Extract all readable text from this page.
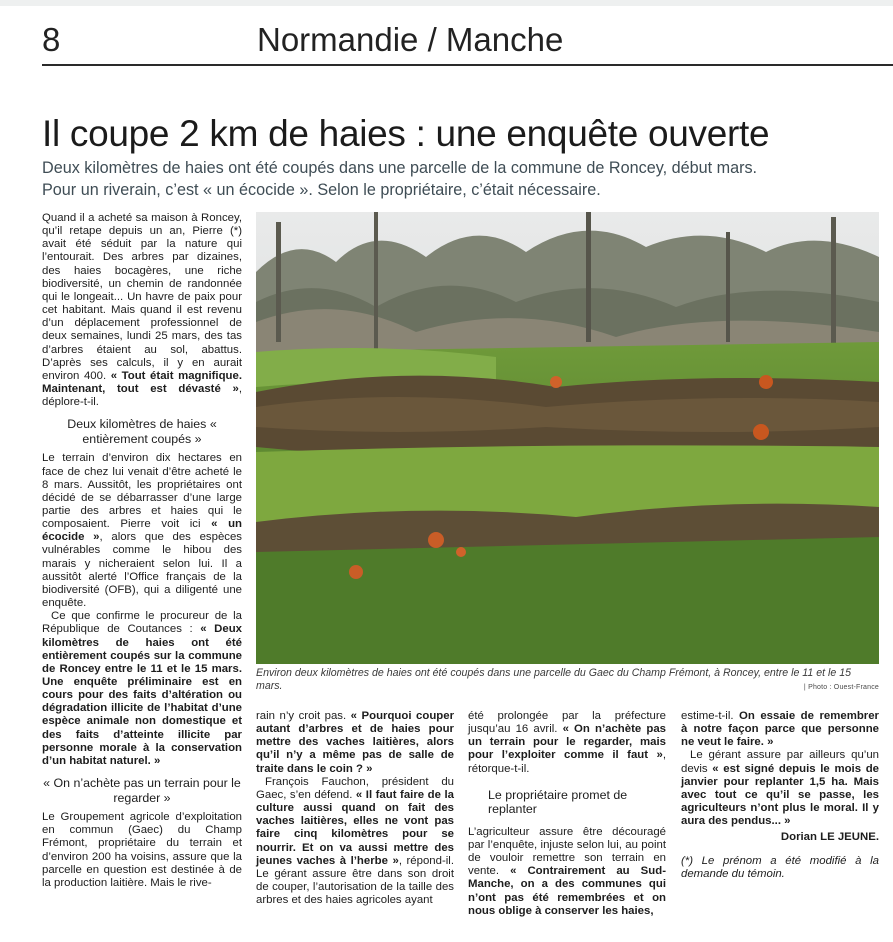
8	Normandie / Manche
Il coupe 2 km de haies : une enquête ouverte

Deux kilomètres de haies ont été coupés dans une parcelle de la commune de Roncey, début mars.
Pour un riverain, c’est « un écocide ». Selon le propriétaire, c’était nécessaire.

Quand il a acheté sa maison à Roncey, qu’il retape depuis un an, Pierre (*) avait été séduit par la nature qui l’entourait. Des arbres par dizaines, des haies bocagères, une riche biodiversité, un chemin de randonnée qui le longeait... Un havre de paix pour cet habitant. Mais quand il est revenu d’un déplacement professionnel de deux semaines, lundi 25 mars, des tas d’arbres étaient au sol, abattus. D’après ses calculs, il y en aurait environ 400. « Tout était magnifique. Maintenant, tout est dévasté », déplore-t-il.

Deux kilomètres de haies « entièrement coupés »

Le terrain d’environ dix hectares en face de chez lui venait d’être acheté le 8 mars. Aussitôt, les propriétaires ont décidé de se débarrasser d’une large partie des arbres et haies qui le composaient. Pierre voit ici « un écocide », alors que des espèces vulnérables comme le hibou des marais y nicheraient selon lui. Il a aussitôt alerté l’Office français de la biodiversité (OFB), qui a diligenté une enquête.

Ce que confirme le procureur de la République de Coutances : « Deux kilomètres de haies ont été entièrement coupés sur la commune de Roncey entre le 11 et le 15 mars. Une enquête préliminaire est en cours pour des faits d’altération ou dégradation illicite de l’habitat d’une espèce animale non domestique et des faits d’atteinte illicite par personne morale à la conservation d’un habitat naturel. »

« On n’achète pas un terrain pour le regarder »

Le Groupement agricole d’exploitation en commun (Gaec) du Champ Frémont, propriétaire du terrain et d’environ 200 ha voisins, assure que la parcelle en question est destinée à de la production laitière. Mais le rive-

Environ deux kilomètres de haies ont été coupés dans une parcelle du Gaec du Champ Frémont, à Roncey, entre le 11 et le 15 mars.	| Photo : Ouest-France

rain n’y croit pas. « Pourquoi couper autant d’arbres et de haies pour mettre des vaches laitières, alors qu’il n’y a même pas de salle de traite dans le coin ? »

François Fauchon, président du Gaec, s’en défend. « Il faut faire de la culture aussi quand on fait des vaches laitières, elles ne vont pas faire cinq kilomètres pour se nourrir. Et on va aussi mettre des jeunes vaches à l’herbe », répond-il. Le gérant assure être dans son droit de couper, l’autorisation de la taille des arbres et des haies agricoles ayant

été prolongée par la préfecture jusqu’au 16 avril. « On n’achète pas un terrain pour le regarder, mais pour l’exploiter comme il faut », rétorque-t-il.

Le propriétaire promet de replanter

L’agriculteur assure être découragé par l’enquête, injuste selon lui, au point de vouloir remettre son terrain en vente. « Contrairement au Sud-Manche, on a des communes qui n’ont pas été remembrées et on nous oblige à conserver les haies,

estime-t-il. On essaie de remembrer à notre façon parce que personne ne veut le faire. »

Le gérant assure par ailleurs qu’un devis « est signé depuis le mois de janvier pour replanter 1,5 ha. Mais avec tout ce qu’il se passe, les agriculteurs n’ont plus le moral. Il y aura des pendus... »

Dorian LE JEUNE.
(*) Le prénom a été modifié à la demande du témoin.
